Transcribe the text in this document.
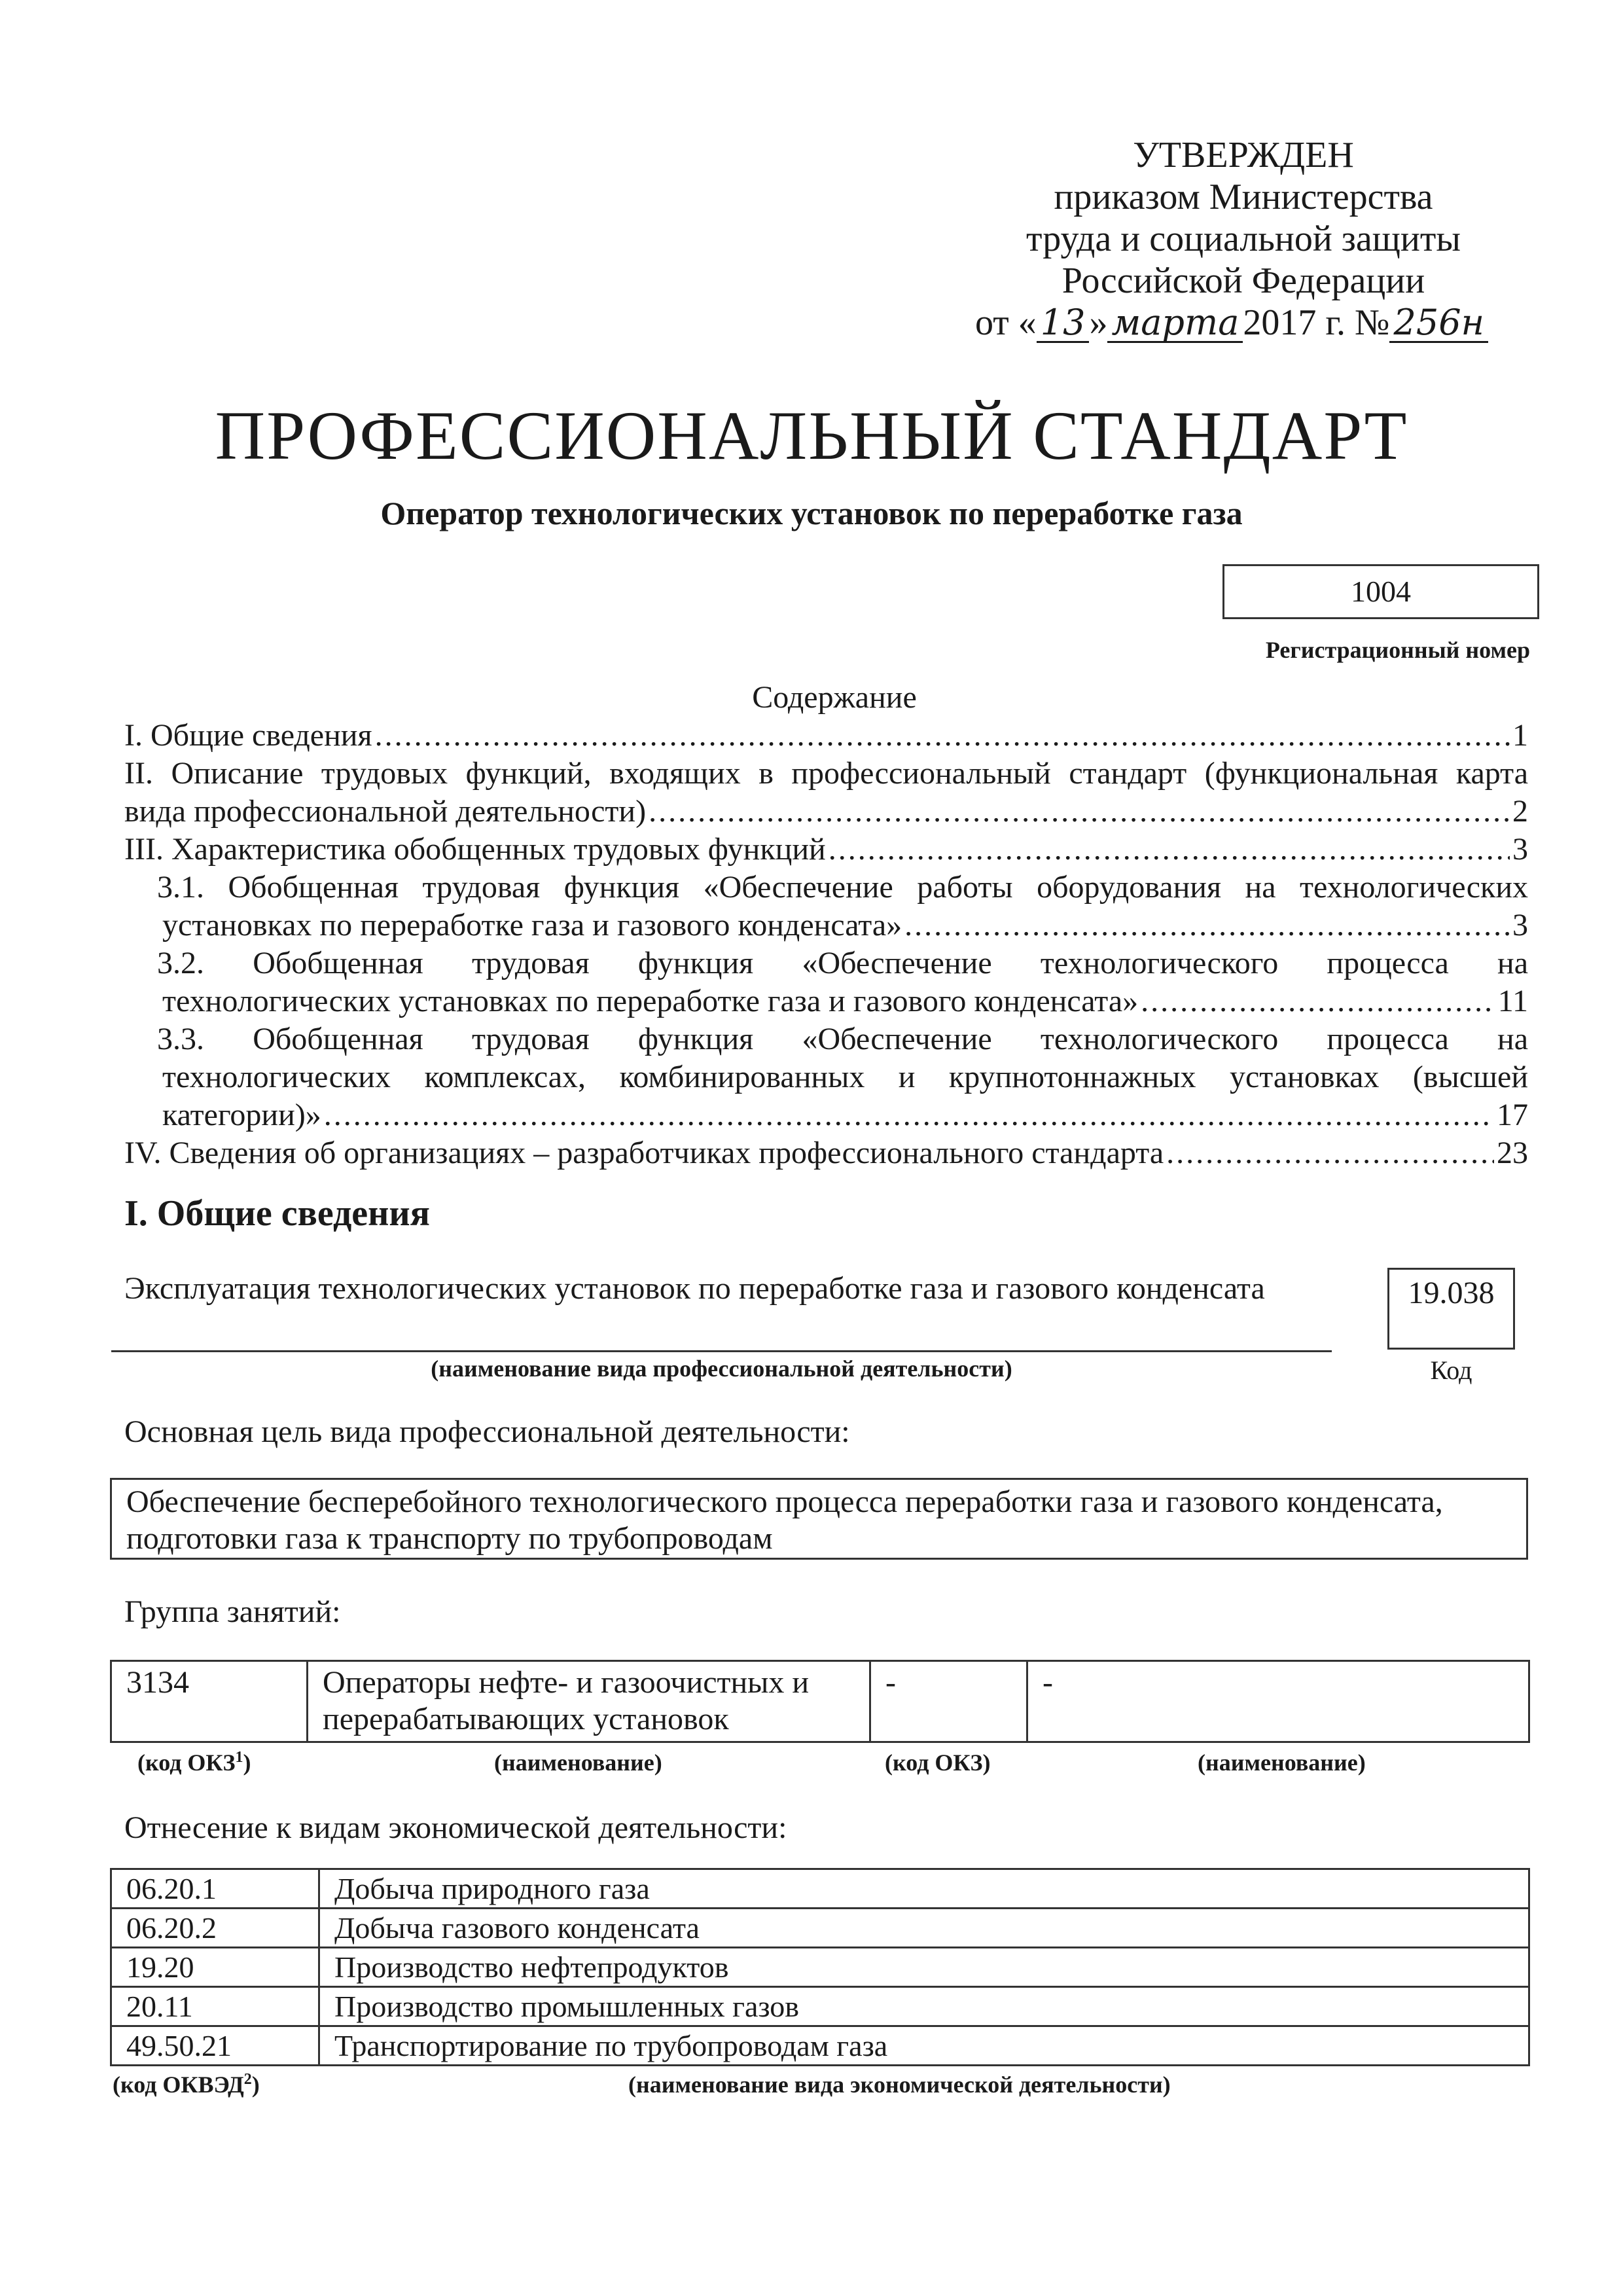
УТВЕРЖДЕН
приказом Министерства
труда и социальной защиты
Российской Федерации
от « 13 » марта 2017 г. № 256н
ПРОФЕССИОНАЛЬНЫЙ СТАНДАРТ
Оператор технологических установок по переработке газа
1004
Регистрационный номер
Содержание
I. Общие сведения .....	1
II. Описание трудовых функций, входящих в профессиональный стандарт (функциональная карта
вида профессиональной деятельности) .....	2
III. Характеристика обобщенных трудовых функций .....	3
3.1. Обобщенная трудовая функция «Обеспечение работы оборудования на технологических
установках по переработке газа и газового конденсата» .....	3
3.2. Обобщенная трудовая функция «Обеспечение технологического процесса на
технологических установках по переработке газа и газового конденсата» .....	11
3.3. Обобщенная трудовая функция «Обеспечение технологического процесса на
технологических комплексах, комбинированных и крупнотоннажных установках (высшей
категории)» .....	17
IV. Сведения об организациях – разработчиках профессионального стандарта .....	23
I. Общие сведения
Эксплуатация технологических установок по переработке газа и газового конденсата
(наименование вида профессиональной деятельности)
19.038
Код
Основная цель вида профессиональной деятельности:
Обеспечение бесперебойного технологического процесса переработки газа и газового конденсата, подготовки газа к транспорту по трубопроводам
Группа занятий:
3134	Операторы нефте- и газоочистных и перерабатывающих установок	-	-
(код ОКЗ$^1$)	(наименование)	(код ОКЗ)	(наименование)
Отнесение к видам экономической деятельности:
06.20.1	Добыча природного газа
06.20.2	Добыча газового конденсата
19.20	Производство нефтепродуктов
20.11	Производство промышленных газов
49.50.21	Транспортирование по трубопроводам газа
(код ОКВЭД$^2$)	(наименование вида экономической деятельности)
